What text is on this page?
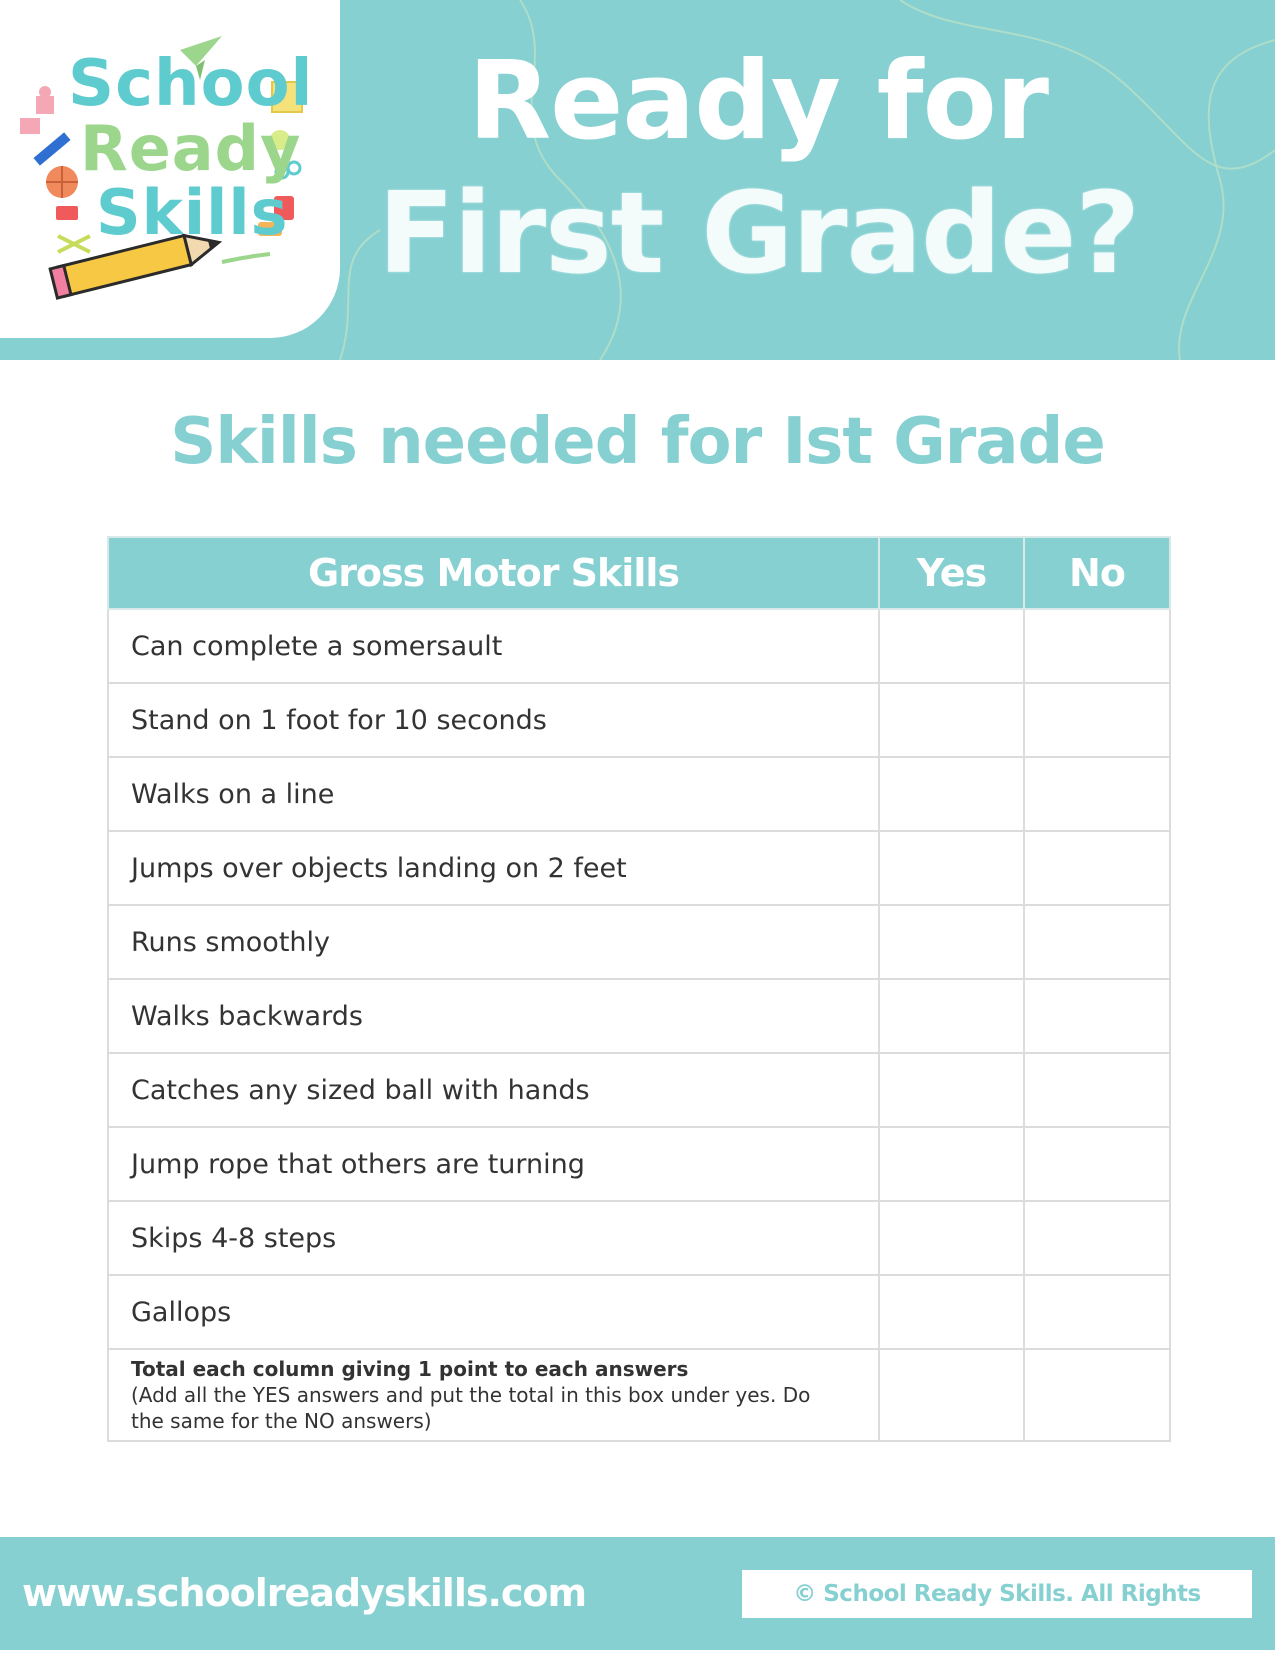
School
Ready
Skills
Ready for
First Grade?
Skills needed for Ist Grade
Gross Motor Skills	Yes	No
Can complete a somersault		
Stand on 1 foot for 10 seconds		
Walks on a line		
Jumps over objects landing on 2 feet		
Runs smoothly		
Walks backwards		
Catches any sized ball with hands		
Jump rope that others are turning		
Skips 4-8 steps		
Gallops		

Total each column giving 1 point to each answers
(Add all the YES answers and put the total in this box under yes. Do the same for the NO answers)		

www.schoolreadyskills.com	© School Ready Skills. All Rights Reserved.
